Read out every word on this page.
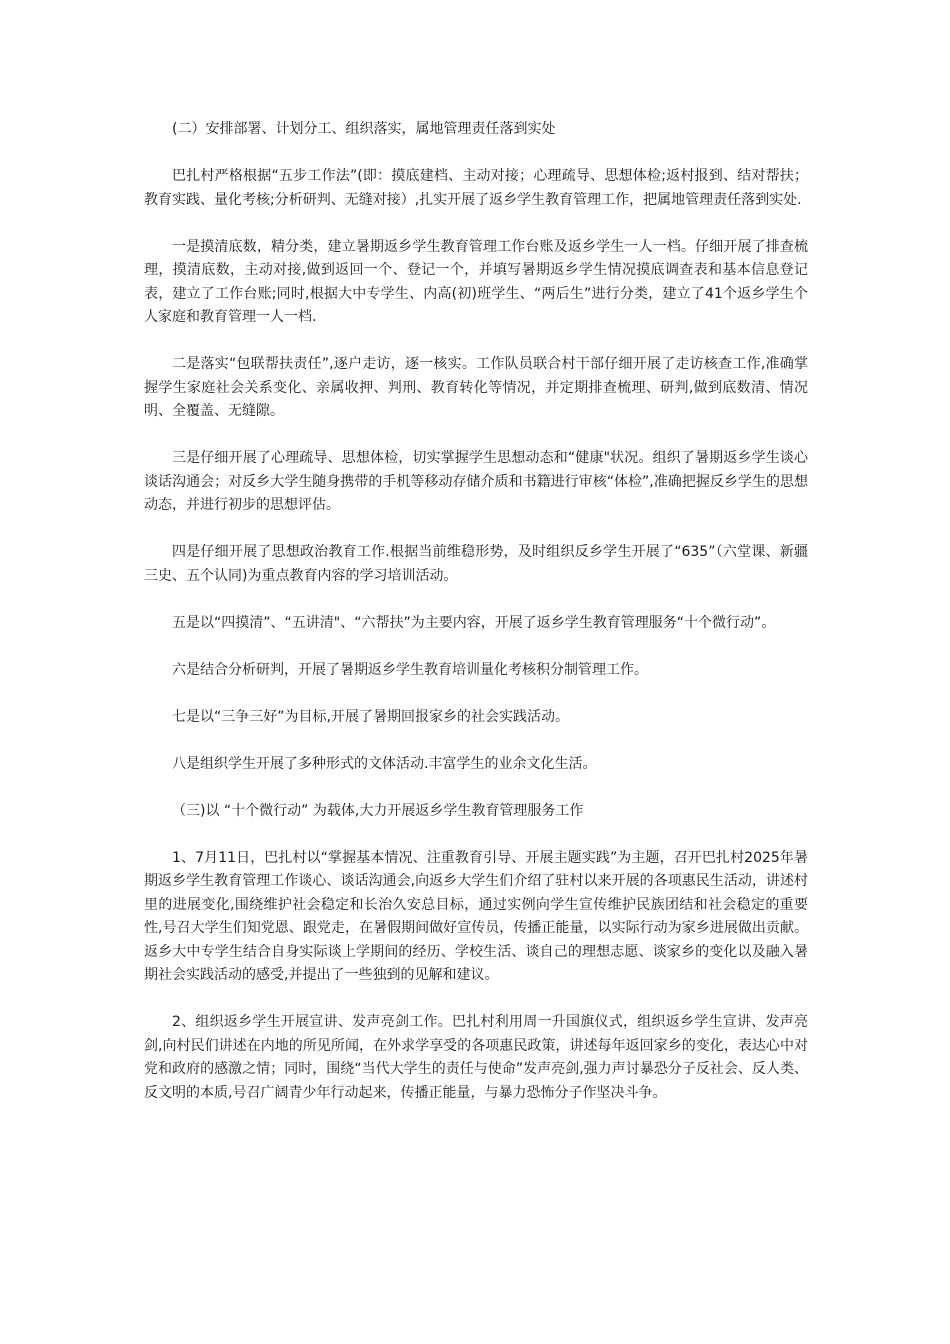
(二）安排部署、计划分工、组织落实，属地管理责任落到实处

巴扎村严格根据“五步工作法”(即：摸底建档、主动对接；心理疏导、思想体检;返村报到、结对帮扶；教育实践、量化考核;分析研判、无缝对接）,扎实开展了返乡学生教育管理工作，把属地管理责任落到实处.

一是摸清底数，精分类，建立暑期返乡学生教育管理工作台账及返乡学生一人一档。仔细开展了排查梳理，摸清底数，主动对接,做到返回一个、登记一个，并填写暑期返乡学生情况摸底调查表和基本信息登记表，建立了工作台账;同时,根据大中专学生、内高(初)班学生、“两后生”进行分类，建立了41个返乡学生个人家庭和教育管理一人一档.

二是落实“包联帮扶责任”,逐户走访，逐一核实。工作队员联合村干部仔细开展了走访核查工作,准确掌握学生家庭社会关系变化、亲属收押、判刑、教育转化等情况，并定期排查梳理、研判,做到底数清、情况明、全覆盖、无缝隙。

三是仔细开展了心理疏导、思想体检，切实掌握学生思想动态和“健康"状况。组织了暑期返乡学生谈心谈话沟通会；对反乡大学生随身携带的手机等移动存储介质和书籍进行审核“体检”,准确把握反乡学生的思想动态，并进行初步的思想评估。

四是仔细开展了思想政治教育工作.根据当前维稳形势，及时组织反乡学生开展了“635”（六堂课、新疆三史、五个认同)为重点教育内容的学习培训活动。

五是以“四摸清”、“五讲清"、“六帮扶”为主要内容，开展了返乡学生教育管理服务“十个微行动”。

六是结合分析研判，开展了暑期返乡学生教育培训量化考核积分制管理工作。

七是以“三争三好”为目标,开展了暑期回报家乡的社会实践活动。

八是组织学生开展了多种形式的文体活动.丰富学生的业余文化生活。

（三)以 “十个微行动” 为载体,大力开展返乡学生教育管理服务工作

1、7月11日，巴扎村以“掌握基本情况、注重教育引导、开展主题实践”为主题，召开巴扎村2025年暑期返乡学生教育管理工作谈心、谈话沟通会,向返乡大学生们介绍了驻村以来开展的各项惠民生活动，讲述村里的进展变化,围绕维护社会稳定和长治久安总目标，通过实例向学生宣传维护民族团结和社会稳定的重要性,号召大学生们知党恩、跟党走，在暑假期间做好宣传员，传播正能量，以实际行动为家乡进展做出贡献。返乡大中专学生结合自身实际谈上学期间的经历、学校生活、谈自己的理想志愿、谈家乡的变化以及融入暑期社会实践活动的感受,并提出了一些独到的见解和建议。

2、组织返乡学生开展宣讲、发声亮剑工作。巴扎村利用周一升国旗仪式，组织返乡学生宣讲、发声亮剑,向村民们讲述在内地的所见所闻，在外求学享受的各项惠民政策，讲述每年返回家乡的变化，表达心中对党和政府的感激之情；同时，围绕“当代大学生的责任与使命”发声亮剑,强力声讨暴恐分子反社会、反人类、反文明的本质,号召广阔青少年行动起来，传播正能量，与暴力恐怖分子作坚决斗争。
